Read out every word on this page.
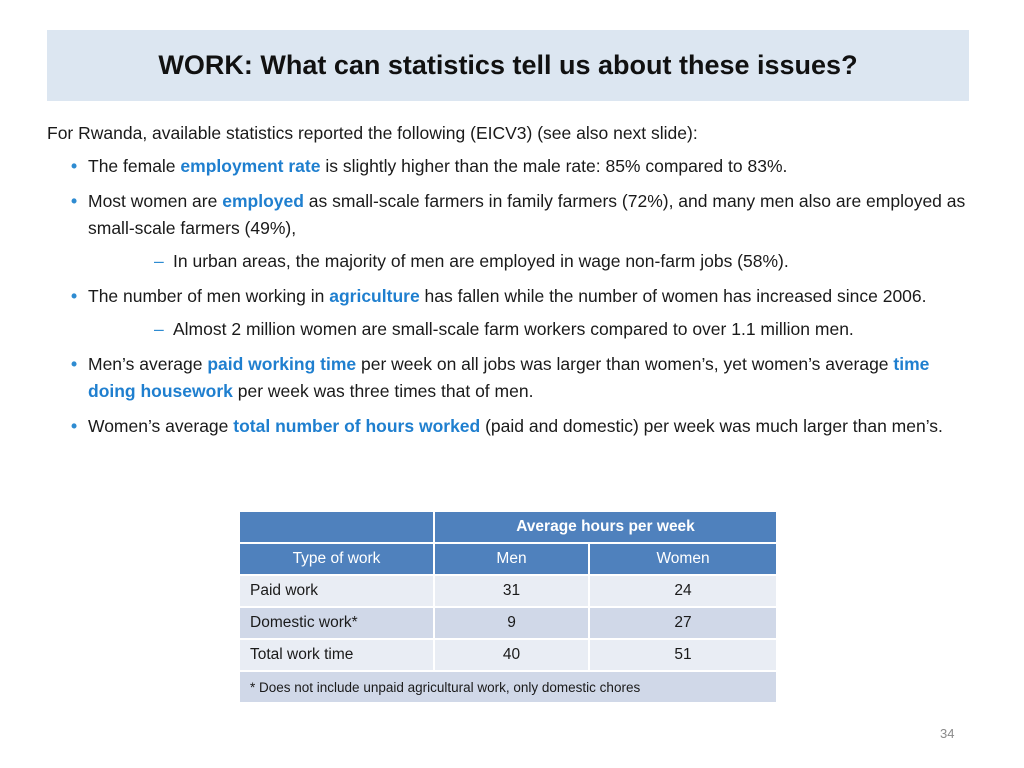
WORK: What can statistics tell us about these issues?

For Rwanda, available statistics reported the following (EICV3) (see also next slide):

• The female employment rate is slightly higher than the male rate: 85% compared to 83%.
• Most women are employed as small-scale farmers in family farmers (72%), and many men also are employed as small-scale farmers (49%),
– In urban areas, the majority of men are employed in wage non-farm jobs (58%).
• The number of men working in agriculture has fallen while the number of women has increased since 2006.
– Almost 2 million women are small-scale farm workers compared to over 1.1 million men.
• Men’s average paid working time per week on all jobs was larger than women’s, yet women’s average time doing housework per week was three times that of men.
• Women’s average total number of hours worked (paid and domestic) per week was much larger than men’s.
	Average hours per week	
Type of work	Men	Women
Paid work	31	24
Domestic work*	9	27
Total work time	40	51
* Does not include unpaid agricultural work, only domestic chores		
34
